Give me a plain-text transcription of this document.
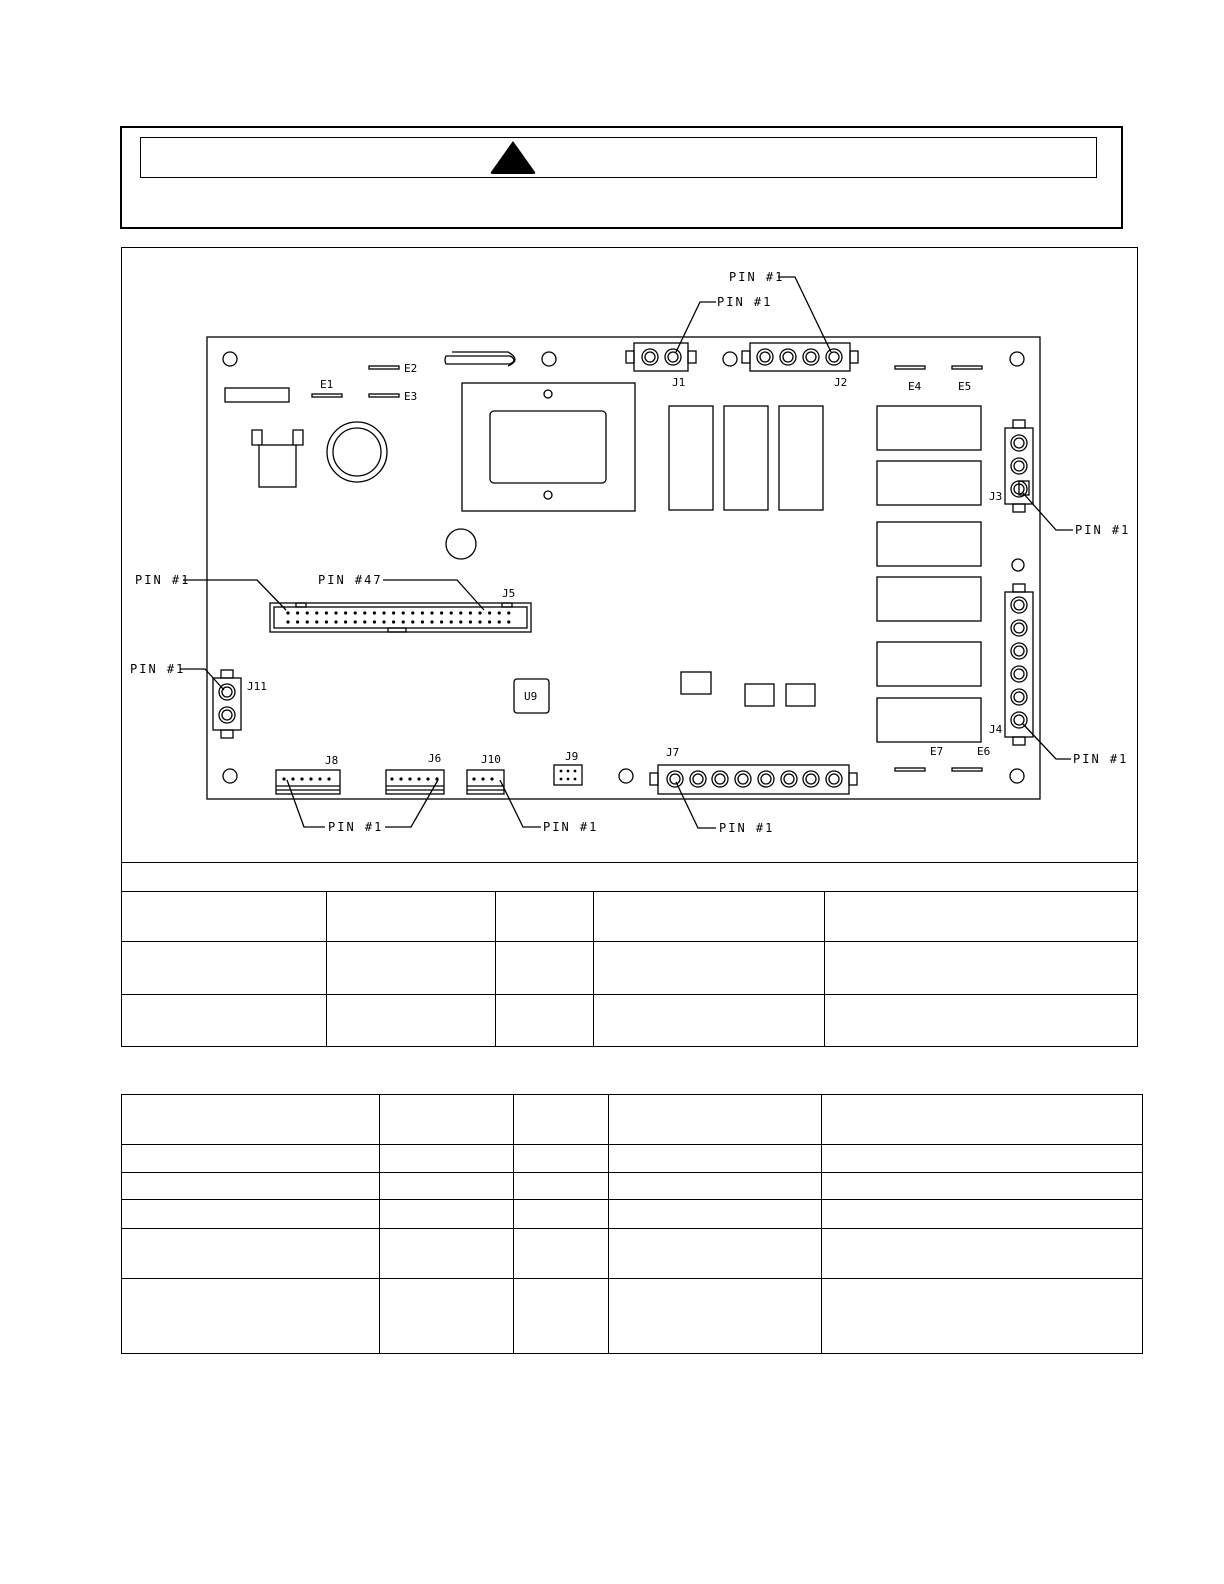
E1
E2
E3
E4	E5
E6
E7
J1	J2
J3
J4
J5
J6	J7
J8	J9
J10
J11
U9
PIN #1
PIN #1
PIN #1
PIN #1	PIN #47
PIN #1
PIN #1
PIN #1	PIN #1	PIN #1
